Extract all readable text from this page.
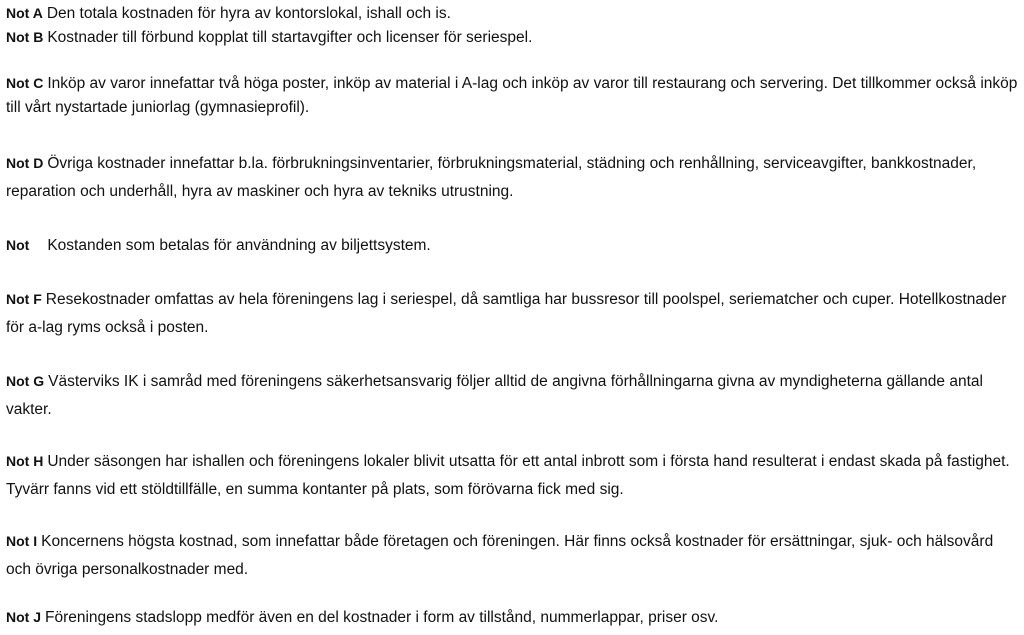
Not A Den totala kostnaden för hyra av kontorslokal, ishall och is.

Not B Kostnader till förbund kopplat till startavgifter och licenser för seriespel.

Not C Inköp av varor innefattar två höga poster, inköp av material i A-lag och inköp av varor till restaurang och servering. Det tillkommer också inköp till vårt nystartade juniorlag (gymnasieprofil).

Not D Övriga kostnader innefattar b.la. förbrukningsinventarier, förbrukningsmaterial, städning och renhållning, serviceavgifter, bankkostnader, reparation och underhåll, hyra av maskiner och hyra av tekniks utrustning.

Not Kostanden som betalas för användning av biljettsystem.

Not F Resekostnader omfattas av hela föreningens lag i seriespel, då samtliga har bussresor till poolspel, seriematcher och cuper. Hotellkostnader för a-lag ryms också i posten.

Not G Västerviks IK i samråd med föreningens säkerhetsansvarig följer alltid de angivna förhållningarna givna av myndigheterna gällande antal vakter.

Not H Under säsongen har ishallen och föreningens lokaler blivit utsatta för ett antal inbrott som i första hand resulterat i endast skada på fastighet. Tyvärr fanns vid ett stöldtillfälle, en summa kontanter på plats, som förövarna fick med sig.

Not I Koncernens högsta kostnad, som innefattar både företagen och föreningen. Här finns också kostnader för ersättningar, sjuk- och hälsovård och övriga personalkostnader med.

Not J Föreningens stadslopp medför även en del kostnader i form av tillstånd, nummerlappar, priser osv.
